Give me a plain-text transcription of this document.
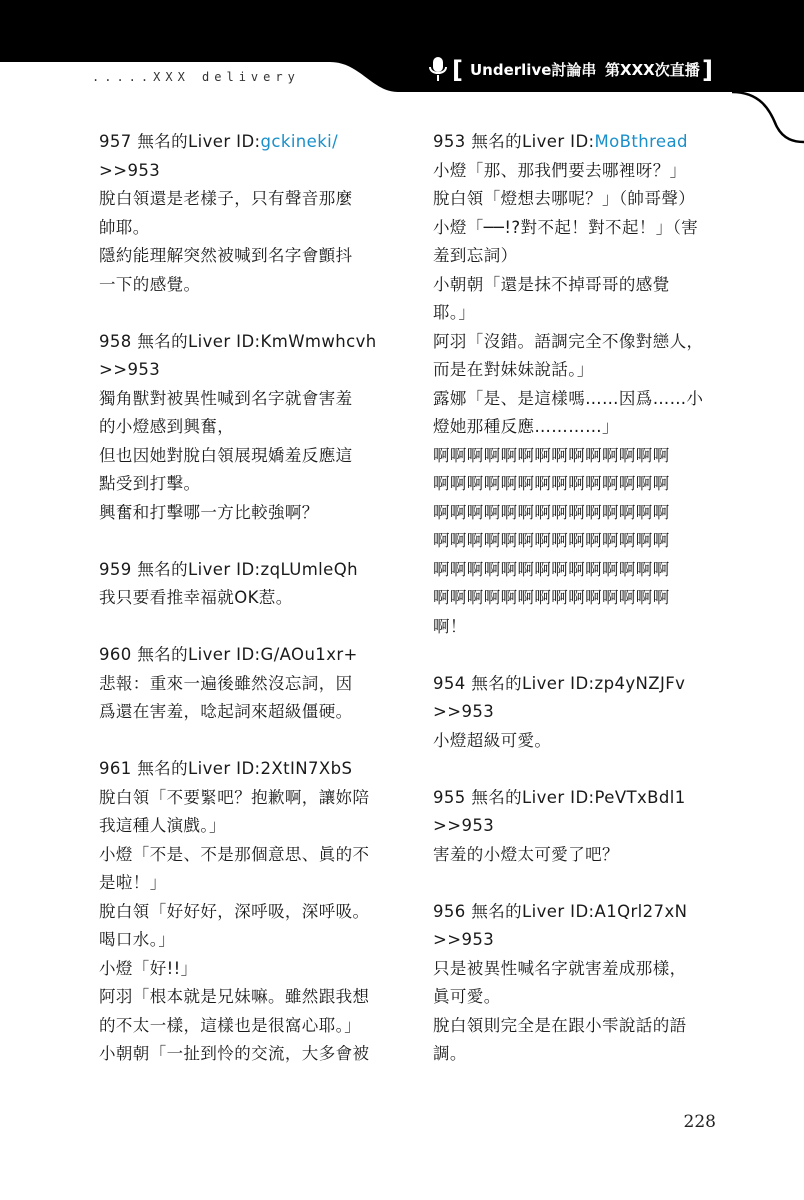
.....XXX delivery	[ Underlive討論串 第XXX次直播 ]
957 無名的Liver ID:gckineki/
>>953
脫白領還是老樣子，只有聲音那麼
帥耶。
隱約能理解突然被喊到名字會顫抖
一下的感覺。
958 無名的Liver ID:KmWmwhcvh
>>953
獨角獸對被異性喊到名字就會害羞
的小燈感到興奮，
但也因她對脫白領展現嬌羞反應這
點受到打擊。
興奮和打擊哪一方比較強啊？
959 無名的Liver ID:zqLUmleQh
我只要看推幸福就OK惹。
960 無名的Liver ID:G/AOu1xr+
悲報：重來一遍後雖然沒忘詞，因
爲還在害羞，唸起詞來超級僵硬。
961 無名的Liver ID:2XtIN7XbS
脫白領「不要緊吧？抱歉啊，讓妳陪
我這種人演戲。」
小燈「不是、不是那個意思、眞的不
是啦！」
脫白領「好好好，深呼吸，深呼吸。
喝口水。」
小燈「好!!」
阿羽「根本就是兄妹嘛。雖然跟我想
的不太一樣，這樣也是很窩心耶。」
小朝朝「一扯到怜的交流，大多會被
953 無名的Liver ID:MoBthread
小燈「那、那我們要去哪裡呀？」
脫白領「燈想去哪呢？」（帥哥聲）
小燈「──!?對不起！對不起！」（害
羞到忘詞）
小朝朝「還是抹不掉哥哥的感覺
耶。」
阿羽「沒錯。語調完全不像對戀人，
而是在對妹妹說話。」
露娜「是、是這樣嗎……因爲……小
燈她那種反應…………」
啊啊啊啊啊啊啊啊啊啊啊啊啊啊
啊啊啊啊啊啊啊啊啊啊啊啊啊啊
啊啊啊啊啊啊啊啊啊啊啊啊啊啊
啊啊啊啊啊啊啊啊啊啊啊啊啊啊
啊啊啊啊啊啊啊啊啊啊啊啊啊啊
啊啊啊啊啊啊啊啊啊啊啊啊啊啊
啊！
954 無名的Liver ID:zp4yNZJFv
>>953
小燈超級可愛。
955 無名的Liver ID:PeVTxBdl1
>>953
害羞的小燈太可愛了吧？
956 無名的Liver ID:A1Qrl27xN
>>953
只是被異性喊名字就害羞成那樣，
眞可愛。
脫白領則完全是在跟小雫說話的語
調。
228
